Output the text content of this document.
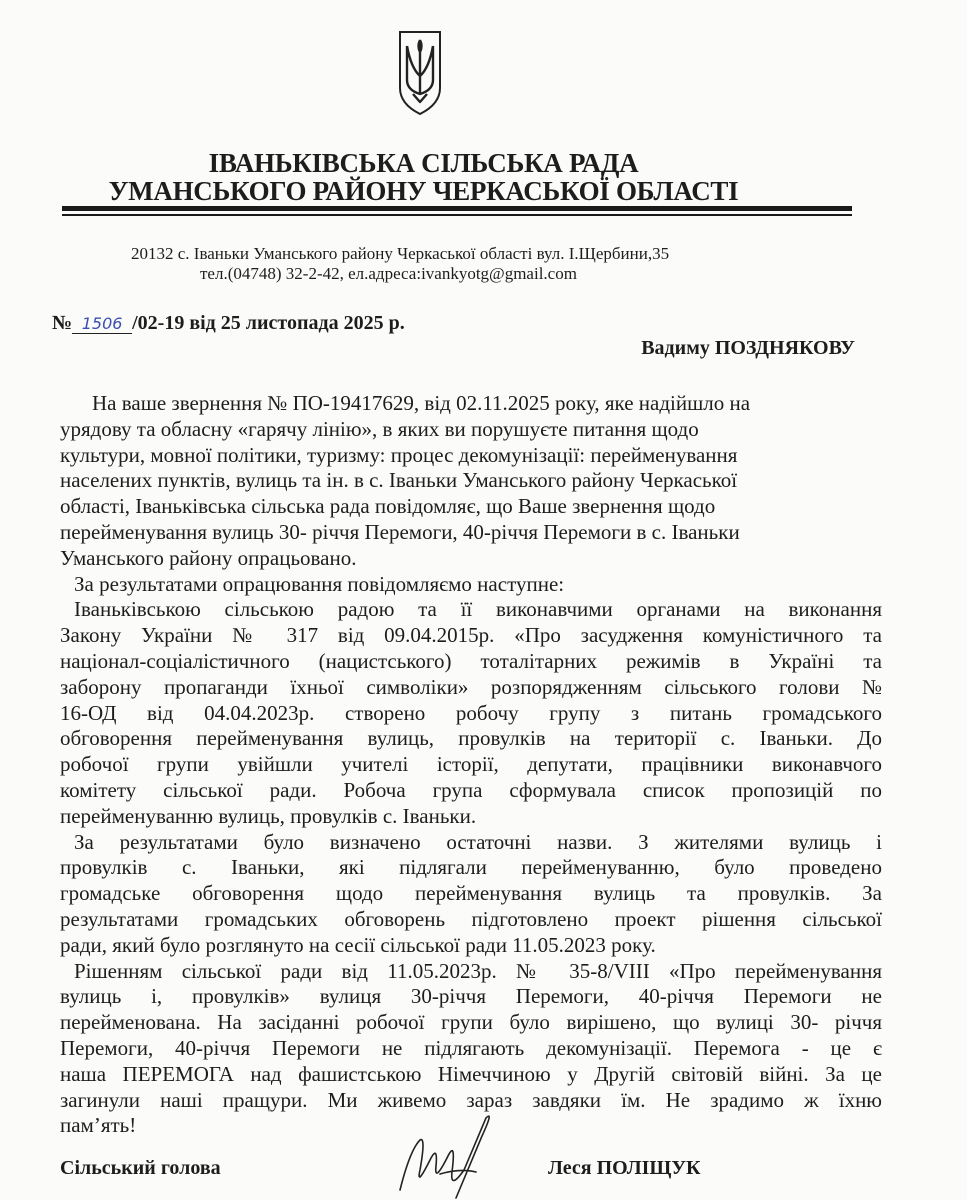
ІВАНЬКІВСЬКА СІЛЬСЬКА РАДА
УМАНСЬКОГО РАЙОНУ ЧЕРКАСЬКОЇ ОБЛАСТІ
20132 с. Іваньки Уманського району Черкаської області вул. І.Щербини,35
тел.(04748) 32-2-42, ел.адреса:ivankyotg@gmail.com
№ 1506 /02-19 від 25 листопада 2025 р.
Вадиму ПОЗДНЯКОВУ
На ваше звернення № ПО-19417629, від 02.11.2025 року, яке надійшло на
урядову та обласну «гарячу лінію», в яких ви порушуєте питання щодо
культури, мовної політики, туризму: процес декомунізації: перейменування
населених пунктів, вулиць та ін. в с. Іваньки Уманського району Черкаської
області, Іваньківська сільська рада повідомляє, що Ваше звернення щодо
перейменування вулиць 30- річчя Перемоги, 40-річчя Перемоги в с. Іваньки
Уманського району опрацьовано.
За результатами опрацювання повідомляємо наступне:
Іваньківською сільською радою та її виконавчими органами на виконання
Закону України № 317 від 09.04.2015р. «Про засудження комуністичного та
націонал-соціалістичного (нацистського) тоталітарних режимів в Україні та
заборону пропаганди їхньої символіки» розпорядженням сільського голови №
16-ОД від 04.04.2023р. створено робочу групу з питань громадського
обговорення перейменування вулиць, провулків на території с. Іваньки. До
робочої групи увійшли учителі історії, депутати, працівники виконавчого
комітету сільської ради. Робоча група сформувала список пропозицій по
перейменуванню вулиць, провулків с. Іваньки.
За результатами було визначено остаточні назви. З жителями вулиць і
провулків с. Іваньки, які підлягали перейменуванню, було проведено
громадське обговорення щодо перейменування вулиць та провулків. За
результатами громадських обговорень підготовлено проект рішення сільської
ради, який було розглянуто на сесії сільської ради 11.05.2023 року.
Рішенням сільської ради від 11.05.2023р. № 35-8/VIII «Про перейменування
вулиць і, провулків» вулиця 30-річчя Перемоги, 40-річчя Перемоги не
перейменована. На засіданні робочої групи було вирішено, що вулиці 30- річчя
Перемоги, 40-річчя Перемоги не підлягають декомунізації. Перемога - це є
наша ПЕРЕМОГА над фашистською Німеччиною у Другій світовій війні. За це
загинули наші пращури. Ми живемо зараз завдяки їм. Не зрадимо ж їхню
пам’ять!
Сільський голова	Леся ПОЛІЩУК
